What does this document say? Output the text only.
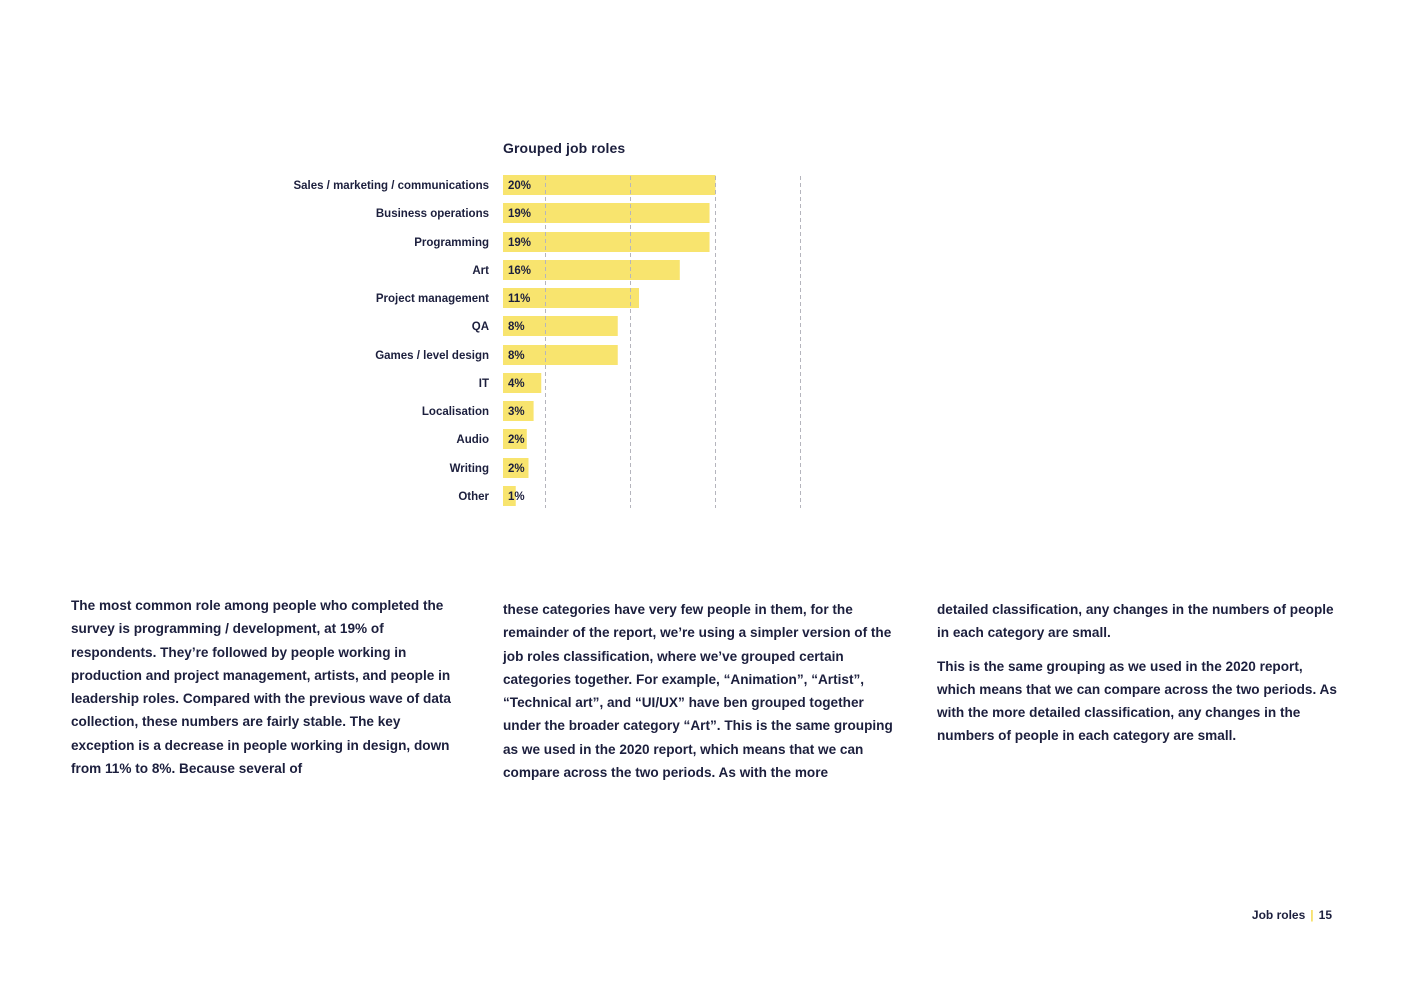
Grouped job roles
Sales / marketing / communications 20%
Business operations 19%
Programming 19%
Art 16%
Project management 11%
QA 8%
Games / level design 8%
IT 4%
Localisation 3%
Audio 2%
Writing 2%
Other 1%

The most common role among people who completed the survey is programming / development, at 19% of respondents. They’re followed by people working in production and project management, artists, and people in leadership roles. Compared with the previous wave of data collection, these numbers are fairly stable. The key exception is a decrease in people working in design, down from 11% to 8%. Because several of

these categories have very few people in them, for the remainder of the report, we’re using a simpler version of the job roles classification, where we’ve grouped certain categories together. For example, “Animation”, “Artist”, “Technical art”, and “UI/UX” have ben grouped together under the broader category “Art”. This is the same grouping as we used in the 2020 report, which means that we can compare across the two periods. As with the more

detailed classification, any changes in the numbers of people in each category are small.

This is the same grouping as we used in the 2020 report, which means that we can compare across the two periods. As with the more detailed classification, any changes in the numbers of people in each category are small.

Job roles | 15
